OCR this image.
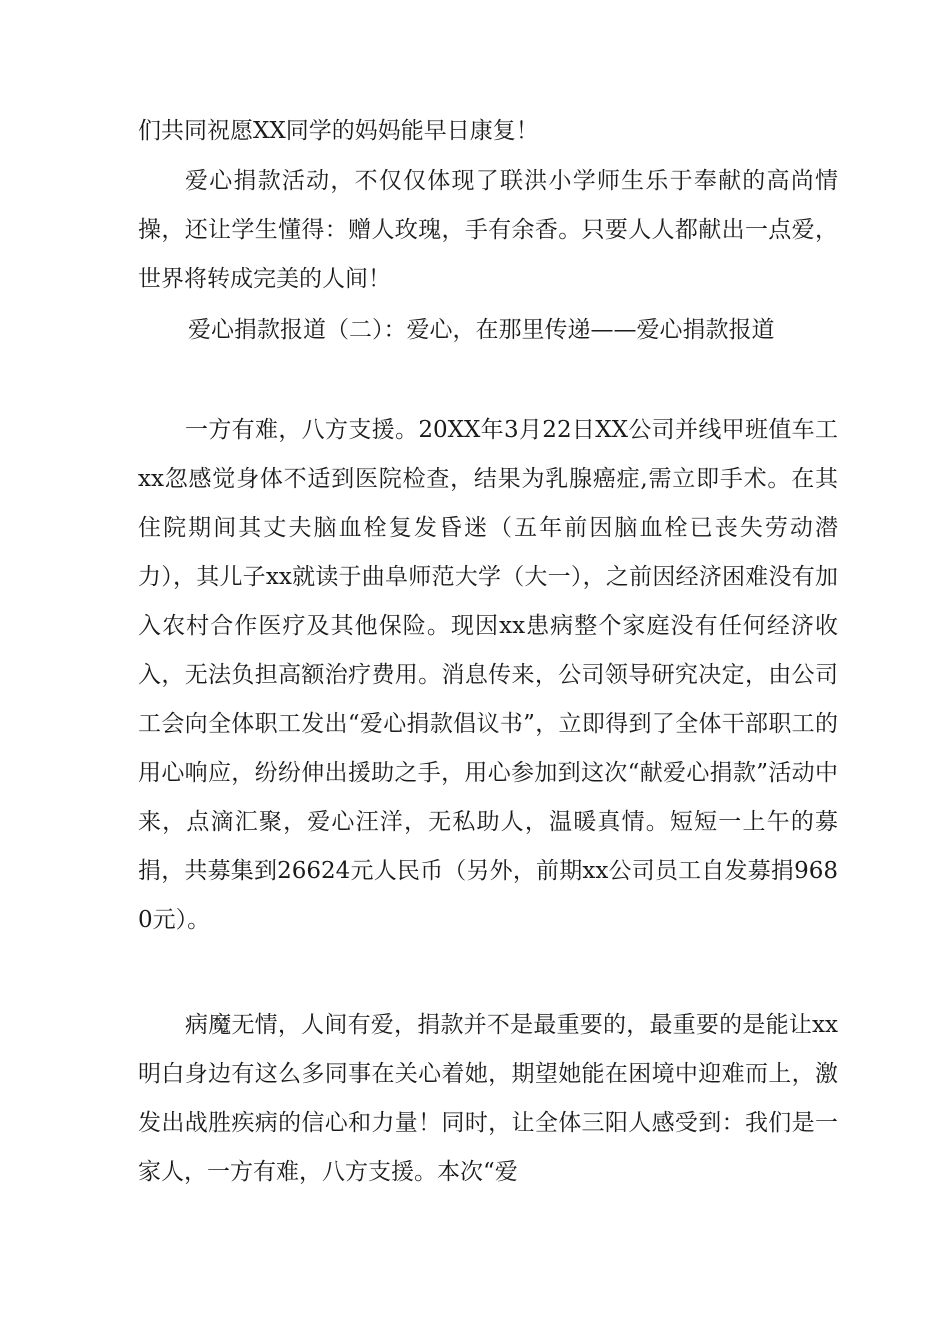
们共同祝愿XX同学的妈妈能早日康复！

爱心捐款活动，不仅仅体现了联洪小学师生乐于奉献的高尚情操，还让学生懂得：赠人玫瑰，手有余香。只要人人都献出一点爱，世界将转成完美的人间！

爱心捐款报道（二）：爱心，在那里传递——爱心捐款报道

一方有难，八方支援。20XX年3月22日XX公司并线甲班值车工xx忽感觉身体不适到医院检查，结果为乳腺癌症,需立即手术。在其住院期间其丈夫脑血栓复发昏迷（五年前因脑血栓已丧失劳动潜力），其儿子xx就读于曲阜师范大学（大一），之前因经济困难没有加入农村合作医疗及其他保险。现因xx患病整个家庭没有任何经济收入，无法负担高额治疗费用。消息传来，公司领导研究决定，由公司工会向全体职工发出“爱心捐款倡议书”，立即得到了全体干部职工的用心响应，纷纷伸出援助之手，用心参加到这次“献爱心捐款”活动中来，点滴汇聚，爱心汪洋，无私助人，温暖真情。短短一上午的募捐，共募集到26624元人民币（另外，前期xx公司员工自发募捐9680元）。

病魔无情，人间有爱，捐款并不是最重要的，最重要的是能让xx明白身边有这么多同事在关心着她，期望她能在困境中迎难而上，激发出战胜疾病的信心和力量！同时，让全体三阳人感受到：我们是一家人，一方有难，八方支援。本次“爱
